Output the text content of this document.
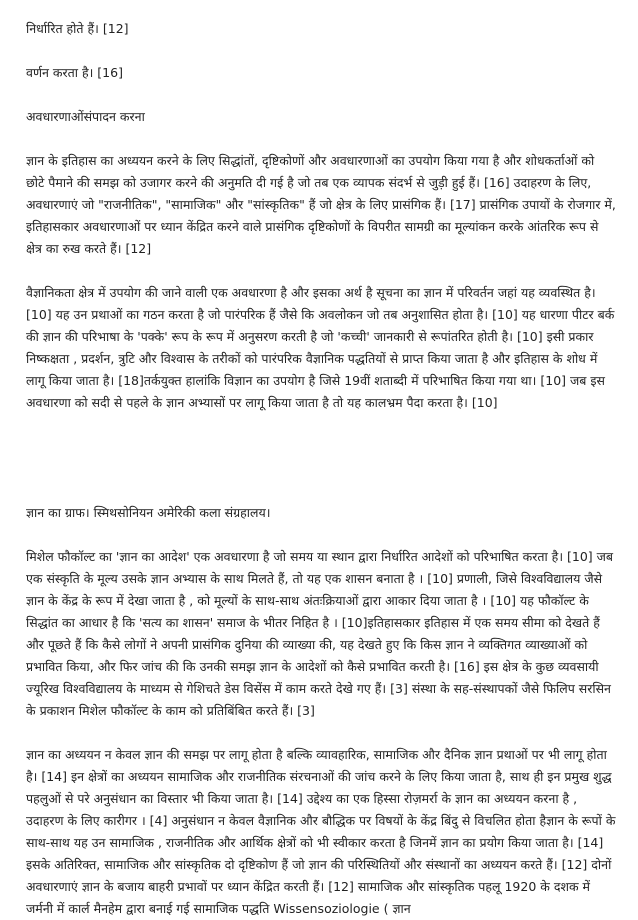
निर्धारित होते हैं। [12]

वर्णन करता है। [16]

अवधारणाओंसंपादन करना

ज्ञान के इतिहास का अध्ययन करने के लिए सिद्धांतों, दृष्टिकोणों और अवधारणाओं का उपयोग किया गया है और शोधकर्ताओं को छोटे पैमाने की समझ को उजागर करने की अनुमति दी गई है जो तब एक व्यापक संदर्भ से जुड़ी हुई हैं। [16] उदाहरण के लिए, अवधारणाएं जो "राजनीतिक", "सामाजिक" और "सांस्कृतिक" हैं जो क्षेत्र के लिए प्रासंगिक हैं। [17] प्रासंगिक उपायों के रोजगार में, इतिहासकार अवधारणाओं पर ध्यान केंद्रित करने वाले प्रासंगिक दृष्टिकोणों के विपरीत सामग्री का मूल्यांकन करके आंतरिक रूप से क्षेत्र का रुख करते हैं। [12]

वैज्ञानिकता क्षेत्र में उपयोग की जाने वाली एक अवधारणा है और इसका अर्थ है सूचना का ज्ञान में परिवर्तन जहां यह व्यवस्थित है। [10] यह उन प्रथाओं का गठन करता है जो पारंपरिक हैं जैसे कि अवलोकन जो तब अनुशासित होता है। [10] यह धारणा पीटर बर्क की ज्ञान की परिभाषा के 'पक्के' रूप के रूप में अनुसरण करती है जो 'कच्ची' जानकारी से रूपांतरित होती है। [10] इसी प्रकार निष्कक्षता , प्रदर्शन, त्रुटि और विश्वास के तरीकों को पारंपरिक वैज्ञानिक पद्धतियों से प्राप्त किया जाता है और इतिहास के शोध में लागू किया जाता है। [18]तर्कयुक्त हालांकि विज्ञान का उपयोग है जिसे 19वीं शताब्दी में परिभाषित किया गया था। [10] जब इस अवधारणा को सदी से पहले के ज्ञान अभ्यासों पर लागू किया जाता है तो यह कालभ्रम पैदा करता है। [10]

ज्ञान का ग्राफ। स्मिथसोनियन अमेरिकी कला संग्रहालय।

मिशेल फौकॉल्ट का 'ज्ञान का आदेश' एक अवधारणा है जो समय या स्थान द्वारा निर्धारित आदेशों को परिभाषित करता है। [10] जब एक संस्कृति के मूल्य उसके ज्ञान अभ्यास के साथ मिलते हैं, तो यह एक शासन बनाता है । [10] प्रणाली, जिसे विश्वविद्यालय जैसे ज्ञान के केंद्र के रूप में देखा जाता है , को मूल्यों के साथ-साथ अंतःक्रियाओं द्वारा आकार दिया जाता है । [10] यह फौकॉल्ट के सिद्धांत का आधार है कि 'सत्य का शासन' समाज के भीतर निहित है । [10]इतिहासकार इतिहास में एक समय सीमा को देखते हैं और पूछते हैं कि कैसे लोगों ने अपनी प्रासंगिक दुनिया की व्याख्या की, यह देखते हुए कि किस ज्ञान ने व्यक्तिगत व्याख्याओं को प्रभावित किया, और फिर जांच की कि उनकी समझ ज्ञान के आदेशों को कैसे प्रभावित करती है। [16] इस क्षेत्र के कुछ व्यवसायी ज्यूरिख विश्वविद्यालय के माध्यम से गेशिचते डेस विसेंस में काम करते देखे गए हैं। [3] संस्था के सह-संस्थापकों जैसे फिलिप सरसिन के प्रकाशन मिशेल फौकॉल्ट के काम को प्रतिबिंबित करते हैं। [3]

ज्ञान का अध्ययन न केवल ज्ञान की समझ पर लागू होता है बल्कि व्यावहारिक, सामाजिक और दैनिक ज्ञान प्रथाओं पर भी लागू होता है। [14] इन क्षेत्रों का अध्ययन सामाजिक और राजनीतिक संरचनाओं की जांच करने के लिए किया जाता है, साथ ही इन प्रमुख शुद्ध पहलुओं से परे अनुसंधान का विस्तार भी किया जाता है। [14] उद्देश्य का एक हिस्सा रोज़मर्रा के ज्ञान का अध्ययन करना है , उदाहरण के लिए कारीगर । [4] अनुसंधान न केवल वैज्ञानिक और बौद्धिक पर विषयों के केंद्र बिंदु से विचलित होता हैज्ञान के रूपों के साथ-साथ यह उन सामाजिक , राजनीतिक और आर्थिक क्षेत्रों को भी स्वीकार करता है जिनमें ज्ञान का प्रयोग किया जाता है। [14] इसके अतिरिक्त, सामाजिक और सांस्कृतिक दो दृष्टिकोण हैं जो ज्ञान की परिस्थितियों और संस्थानों का अध्ययन करते हैं। [12] दोनों अवधारणाएं ज्ञान के बजाय बाहरी प्रभावों पर ध्यान केंद्रित करती हैं। [12] सामाजिक और सांस्कृतिक पहलू 1920 के दशक में जर्मनी में कार्ल मैनहेम द्वारा बनाई गई सामाजिक पद्धति Wissensoziologie ( ज्ञान
